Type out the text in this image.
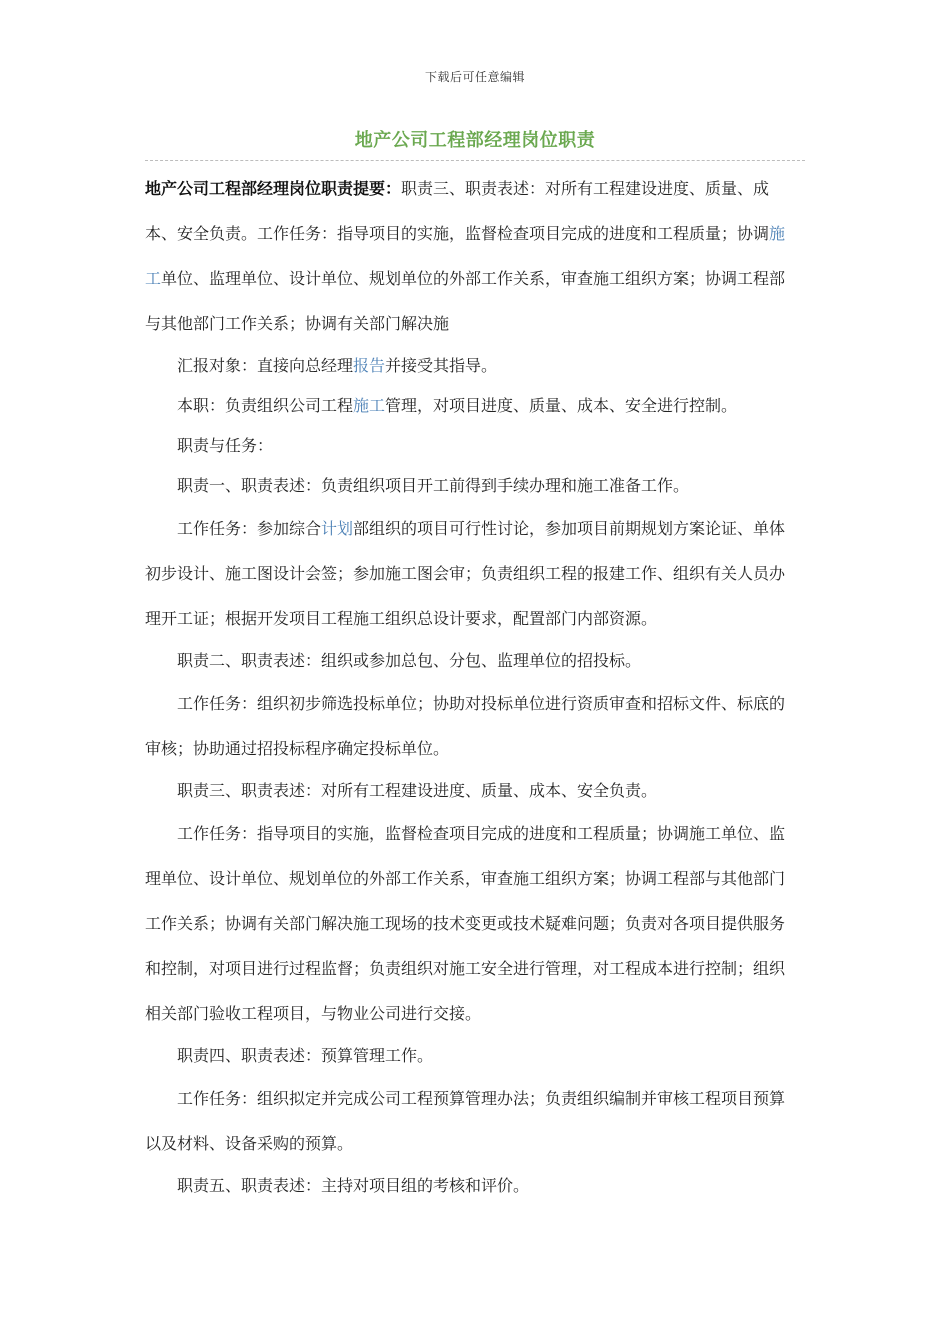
下载后可任意编辑
地产公司工程部经理岗位职责

地产公司工程部经理岗位职责提要：职责三、职责表述：对所有工程建设进度、质量、成本、安全负责。工作任务：指导项目的实施，监督检查项目完成的进度和工程质量；协调施工单位、监理单位、设计单位、规划单位的外部工作关系，审查施工组织方案；协调工程部与其他部门工作关系；协调有关部门解决施

汇报对象：直接向总经理报告并接受其指导。

本职：负责组织公司工程施工管理，对项目进度、质量、成本、安全进行控制。

职责与任务：

职责一、职责表述：负责组织项目开工前得到手续办理和施工准备工作。

工作任务：参加综合计划部组织的项目可行性讨论，参加项目前期规划方案论证、单体初步设计、施工图设计会签；参加施工图会审；负责组织工程的报建工作、组织有关人员办理开工证；根据开发项目工程施工组织总设计要求，配置部门内部资源。

职责二、职责表述：组织或参加总包、分包、监理单位的招投标。

工作任务：组织初步筛选投标单位；协助对投标单位进行资质审查和招标文件、标底的审核；协助通过招投标程序确定投标单位。

职责三、职责表述：对所有工程建设进度、质量、成本、安全负责。

工作任务：指导项目的实施，监督检查项目完成的进度和工程质量；协调施工单位、监理单位、设计单位、规划单位的外部工作关系，审查施工组织方案；协调工程部与其他部门工作关系；协调有关部门解决施工现场的技术变更或技术疑难问题；负责对各项目提供服务和控制，对项目进行过程监督；负责组织对施工安全进行管理，对工程成本进行控制；组织相关部门验收工程项目，与物业公司进行交接。

职责四、职责表述：预算管理工作。

工作任务：组织拟定并完成公司工程预算管理办法；负责组织编制并审核工程项目预算以及材料、设备采购的预算。

职责五、职责表述：主持对项目组的考核和评价。
